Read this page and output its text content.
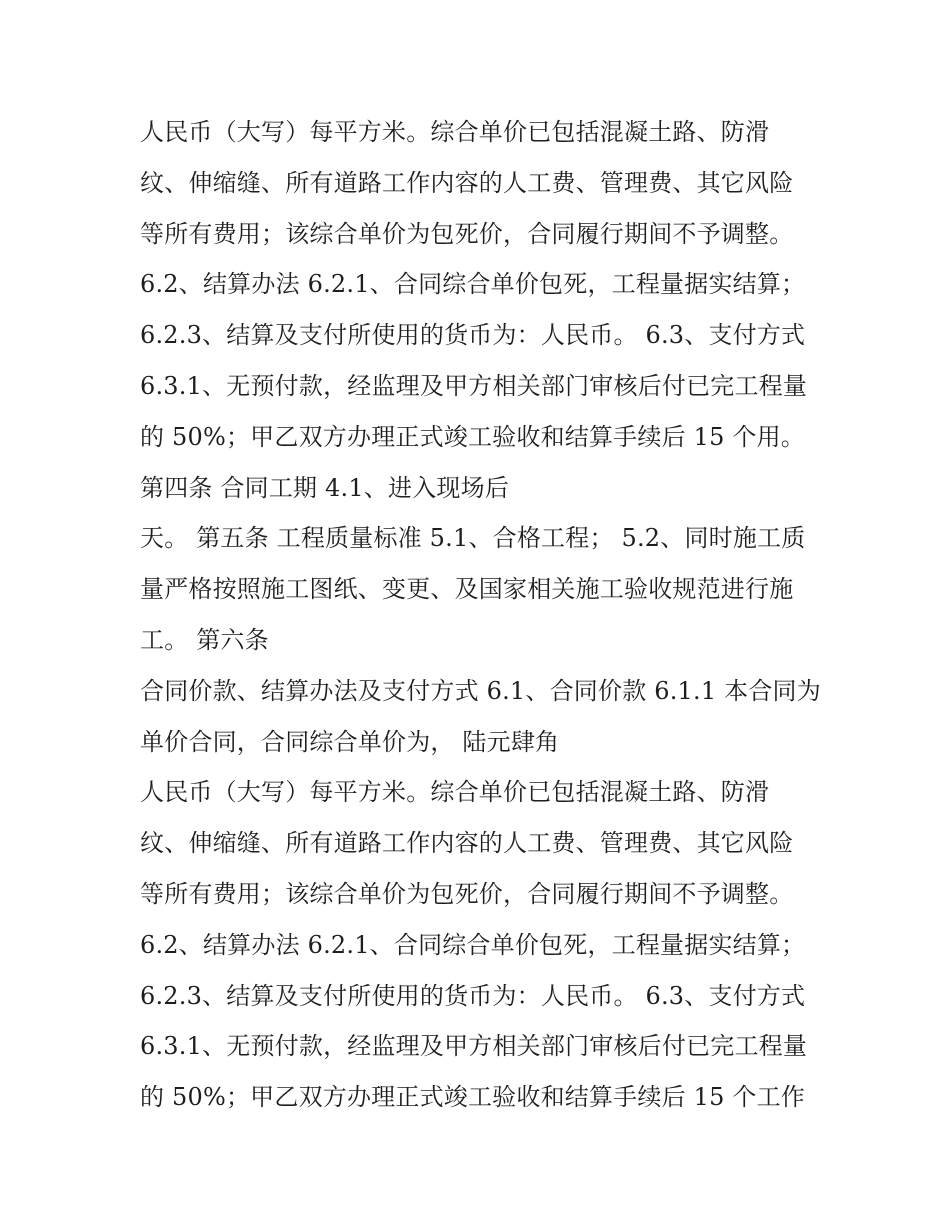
人民币（大写）每平方米。综合单价已包括混凝土路、防滑
纹、伸缩缝、所有道路工作内容的人工费、管理费、其它风险
等所有费用；该综合单价为包死价，合同履行期间不予调整。
6.2、结算办法 6.2.1、合同综合单价包死，工程量据实结算；
6.2.3、结算及支付所使用的货币为：人民币。 6.3、支付方式
6.3.1、无预付款，经监理及甲方相关部门审核后付已完工程量
的 50%；甲乙双方办理正式竣工验收和结算手续后 15 个用。
第四条 合同工期 4.1、进入现场后
天。 第五条 工程质量标准 5.1、合格工程； 5.2、同时施工质
量严格按照施工图纸、变更、及国家相关施工验收规范进行施
工。 第六条
合同价款、结算办法及支付方式 6.1、合同价款 6.1.1 本合同为
单价合同，合同综合单价为， 陆元肆角
人民币（大写）每平方米。综合单价已包括混凝土路、防滑
纹、伸缩缝、所有道路工作内容的人工费、管理费、其它风险
等所有费用；该综合单价为包死价，合同履行期间不予调整。
6.2、结算办法 6.2.1、合同综合单价包死，工程量据实结算；
6.2.3、结算及支付所使用的货币为：人民币。 6.3、支付方式
6.3.1、无预付款，经监理及甲方相关部门审核后付已完工程量
的 50%；甲乙双方办理正式竣工验收和结算手续后 15 个工作
